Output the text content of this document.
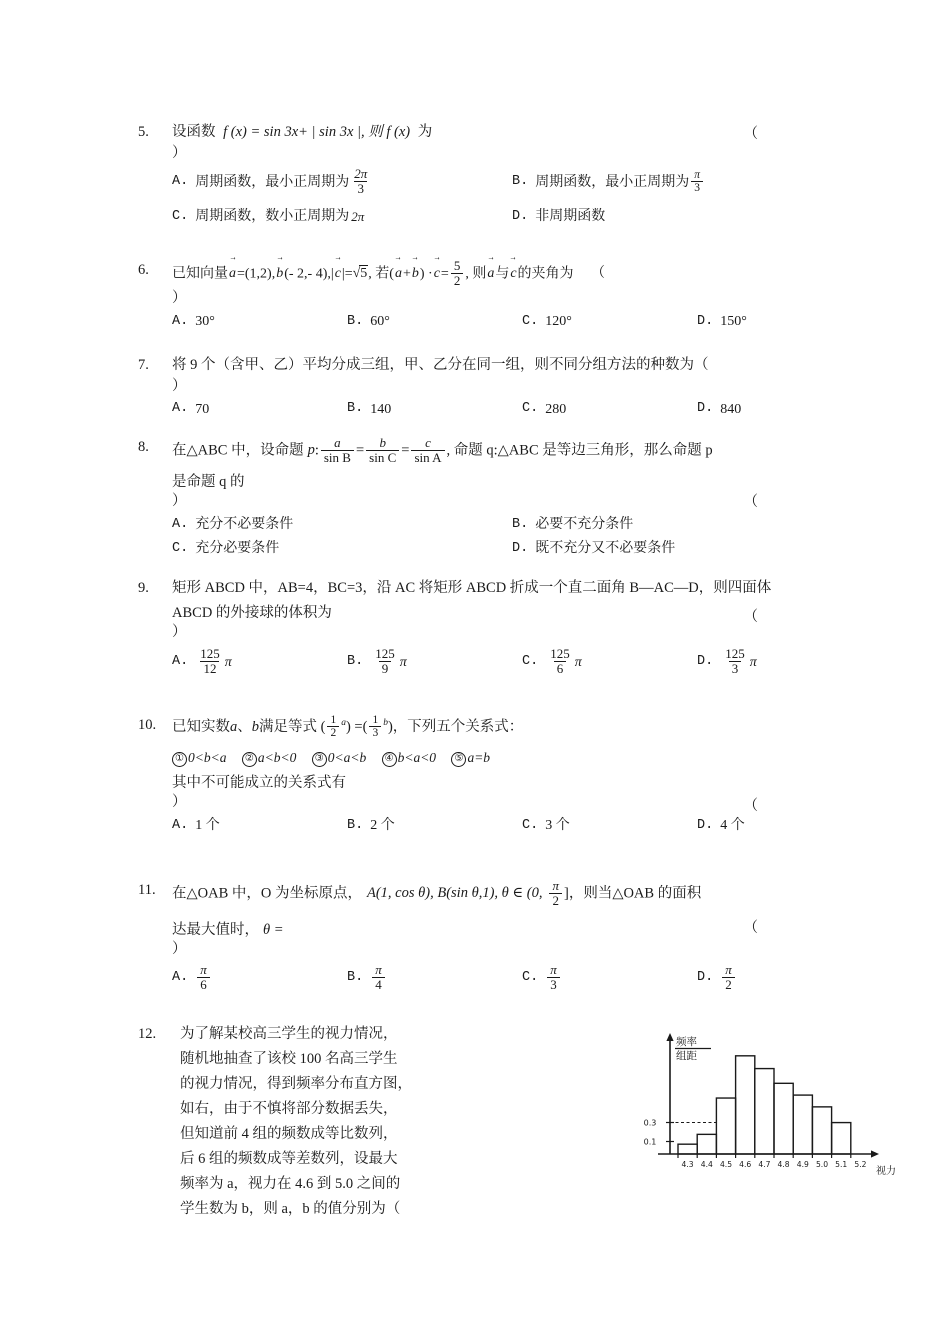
5.	设函数 f (x) = sin 3x+ | sin 3x |, 则 f (x) 为	（
）
A. 周期函数，最小正周期为 $\frac{2\pi}{3}$	B. 周期函数，最小正周期为 $\frac{\pi}{3}$
C. 周期函数，数小正周期为 2π	D. 非周期函数
6.	已知向量a →=(1,2),b →(- 2,- 4),|c →|=√5, 若(a →+b →) $\cdot c \to= \frac{5}{2}$ , 则a →与c →的夹角为 （
）
A. 30°	B. 60°	C. 120°	D. 150°
7.	将 9 个（含甲、乙）平均分成三组，甲、乙分在同一组，则不同分组方法的种数为（
）
A. 70	B. 140	C. 280	D. 840
8.	在△ABC 中，设命题 p: $\frac{a}{\text{sin B}} = \frac{b}{\text{sin C}} = \frac{c}{\text{sin A}}$ , 命题 q:△ABC 是等边三角形，那么命题 p
是命题 q 的
（
）
A. 充分不必要条件	B. 必要不充分条件
C. 充分必要条件	D. 既不充分又不必要条件
9.	矩形 ABCD 中，AB=4，BC=3，沿 AC 将矩形 ABCD 折成一个直二面角 B—AC—D，则四面体
ABCD 的外接球的体积为	（
）
A. $\frac{125}{12}$ π	B. $\frac{125}{9}$ π	C. $\frac{125}{6}$ π	D. $\frac{125}{3}$ π
10.	已知实数a、b满足等式 ( $\frac{1}{2} ^a$) =( $\frac{1}{3} ^b$)，下列五个关系式：
① 0<b<a ② a<b<0 ③ 0<a<b ④ b<a<0 ⑤ a=b
其中不可能成立的关系式有
（
）
A. 1 个	B. 2 个	C. 3 个	D. 4 个
11.	在△OAB 中，O 为坐标原点， A(1, cos θ), B(sin θ,1), θ ∈ (0, $\frac{\pi}{2}$ ]，则当△OAB 的面积
达最大值时， θ =	（
）
A. $\frac{\pi}{6}$	B. $\frac{\pi}{4}$	C. $\frac{\pi}{3}$	D. $\frac{\pi}{2}$
12. 为了解某校高三学生的视力情况，
随机地抽查了该校 100 名高三学生
的视力情况，得到频率分布直方图，
如右，由于不慎将部分数据丢失，
但知道前 4 组的频数成等比数列，
后 6 组的频数成等差数列，设最大
频率为 a，视力在 4.6 到 5.0 之间的
学生数为 b，则 a，b 的值分别为（
频率
组距
0.1
0.3
4.3 4.4 4.5 4.6 4.7 4.8 4.9 5.0 5.1 5.2
视力
